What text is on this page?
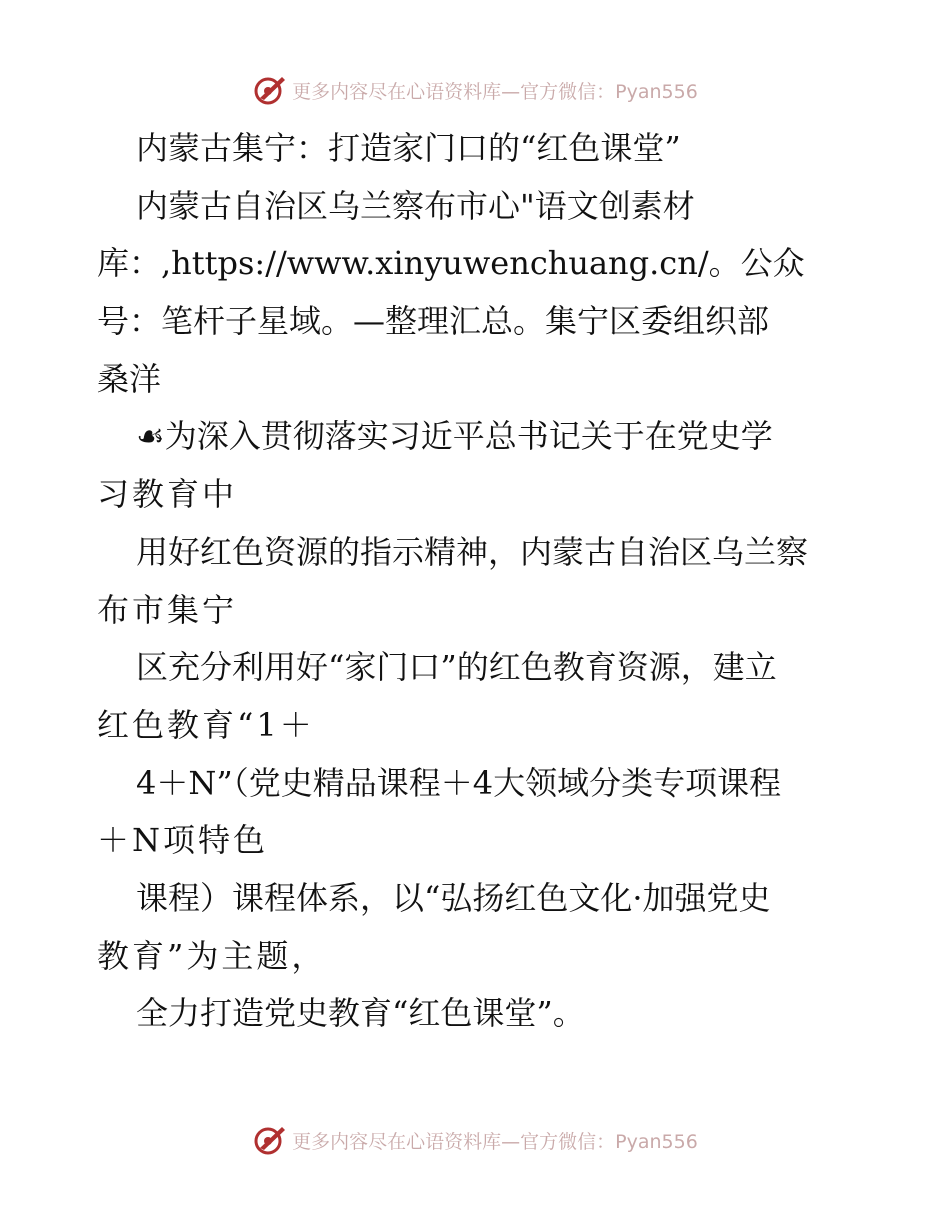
更多内容尽在心语资料库—官方微信：Pyan556
内蒙古集宁：打造家门口的“红色课堂”
内蒙古自治区乌兰察布市心"语文创素材
库：,https://www.xinyuwenchuang.cn/。公众
号：笔杆子星域。—整理汇总。集宁区委组织部
桑洋
☙为深入贯彻落实习近平总书记关于在党史学
习教育中
用好红色资源的指示精神，内蒙古自治区乌兰察
布市集宁
区充分利用好“家门口”的红色教育资源，建立
红色教育“1＋
4＋N”（党史精品课程＋4大领域分类专项课程
＋N项特色
课程）课程体系，以“弘扬红色文化·加强党史
教育”为主题，
全力打造党史教育“红色课堂”。
更多内容尽在心语资料库—官方微信：Pyan556
